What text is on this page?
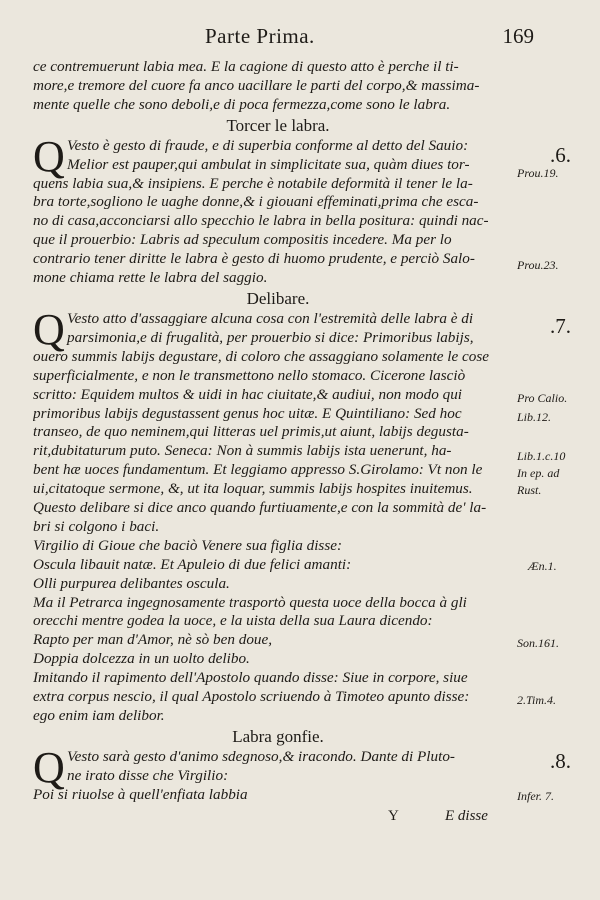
Parte Prima.	169
ce contremuerunt labia mea. E la cagione di questo atto è perche il ti-
more,e tremore del cuore fa anco uacillare le parti del corpo,& massima-
mente quelle che sono deboli,e di poca fermezza,come sono le labra.
Torcer le labra.
Q Vesto è gesto di fraude, e di superbia conforme al detto del Sauio:
Melior est pauper,qui ambulat in simplicitate sua, quàm diues tor-
quens labia sua,& insipiens. E perche è notabile deformità il tener le la-
bra torte,sogliono le uaghe donne,& i giouani effeminati,prima che esca-
no di casa,acconciarsi allo specchio le labra in bella positura: quindi nac-
que il prouerbio: Labris ad speculum compositis incedere. Ma per lo
contrario tener diritte le labra è gesto di huomo prudente, e perciò Salo-
mone chiama rette le labra del saggio.
Delibare.
Q Vesto atto d'assaggiare alcuna cosa con l'estremità delle labra è di
parsimonia,e di frugalità, per prouerbio si dice: Primoribus labijs,
ouero summis labijs degustare, di coloro che assaggiano solamente le cose
superficialmente, e non le transmettono nello stomaco. Cicerone lasciò
scritto: Equidem multos & uidi in hac ciuitate,& audiui, non modo qui
primoribus labijs degustassent genus hoc uitæ. E Quintiliano: Sed hoc
transeo, de quo neminem,qui litteras uel primis,ut aiunt, labijs degusta-
rit,dubitaturum puto. Seneca: Non à summis labijs ista uenerunt, ha-
bent hæ uoces fundamentum. Et leggiamo appresso S.Girolamo: Vt non le
ui,citatoque sermone, &, ut ita loquar, summis labijs hospites inuitemus.
Questo delibare si dice anco quando furtiuamente,e con la sommità de' la-
bri si colgono i baci.
Virgilio di Gioue che baciò Venere sua figlia disse:
Oscula libauit natæ. Et Apuleio di due felici amanti:
Olli purpurea delibantes oscula.
Ma il Petrarca ingegnosamente trasportò questa uoce della bocca à gli
orecchi mentre godea la uoce, e la uista della sua Laura dicendo:
Rapto per man d'Amor, nè sò ben doue,
Doppia dolcezza in un uolto delibo.
Imitando il rapimento dell'Apostolo quando disse: Siue in corpore, siue
extra corpus nescio, il qual Apostolo scriuendo à Timoteo apunto disse:
ego enim iam delibor.
Labra gonfie.
Q Vesto sarà gesto d'animo sdegnoso,& iracondo. Dante di Pluto-
ne irato disse che Virgilio:
Poi si riuolse à quell'enfiata labbia
.6.
.7.
.8.
Prou.19.
Prou.23.
Pro Calio.
Lib.12.
Lib.1.c.10
In ep. ad
Rust.
Æn.1.
Son.161.
2.Tim.4.
Infer. 7.
Y	E disse
